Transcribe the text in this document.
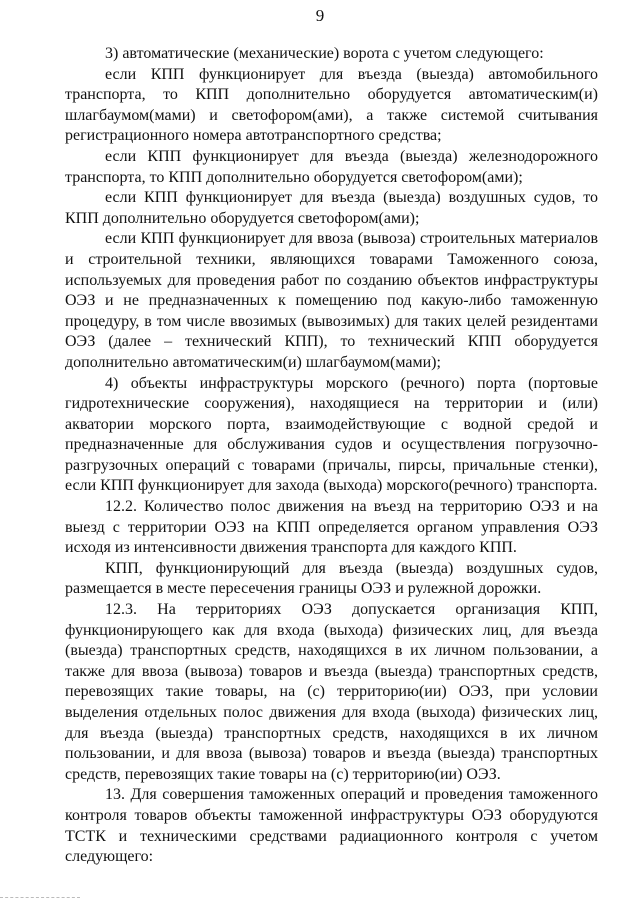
9

3) автоматические (механические) ворота с учетом следующего:

если КПП функционирует для въезда (выезда) автомобильного транспорта, то КПП дополнительно оборудуется автоматическим(и) шлагбаумом(мами) и светофором(ами), а также системой считывания регистрационного номера автотранспортного средства;

если КПП функционирует для въезда (выезда) железнодорожного транспорта, то КПП дополнительно оборудуется светофором(ами);

если КПП функционирует для въезда (выезда) воздушных судов, то КПП дополнительно оборудуется светофором(ами);

если КПП функционирует для ввоза (вывоза) строительных материалов и строительной техники, являющихся товарами Таможенного союза, используемых для проведения работ по созданию объектов инфраструктуры ОЭЗ и не предназначенных к помещению под какую-либо таможенную процедуру, в том числе ввозимых (вывозимых) для таких целей резидентами ОЭЗ (далее – технический КПП), то технический КПП оборудуется дополнительно автоматическим(и) шлагбаумом(мами);

4) объекты инфраструктуры морского (речного) порта (портовые гидротехнические сооружения), находящиеся на территории и (или) акватории морского порта, взаимодействующие с водной средой и предназначенные для обслуживания судов и осуществления погрузочно-разгрузочных операций с товарами (причалы, пирсы, причальные стенки), если КПП функционирует для захода (выхода) морского(речного) транспорта.

12.2. Количество полос движения на въезд на территорию ОЭЗ и на выезд с территории ОЭЗ на КПП определяется органом управления ОЭЗ исходя из интенсивности движения транспорта для каждого КПП.

КПП, функционирующий для въезда (выезда) воздушных судов, размещается в месте пересечения границы ОЭЗ и рулежной дорожки.

12.3. На территориях ОЭЗ допускается организация КПП, функционирующего как для входа (выхода) физических лиц, для въезда (выезда) транспортных средств, находящихся в их личном пользовании, а также для ввоза (вывоза) товаров и въезда (выезда) транспортных средств, перевозящих такие товары, на (с) территорию(ии) ОЭЗ, при условии выделения отдельных полос движения для входа (выхода) физических лиц, для въезда (выезда) транспортных средств, находящихся в их личном пользовании, и для ввоза (вывоза) товаров и въезда (выезда) транспортных средств, перевозящих такие товары на (с) территорию(ии) ОЭЗ.

13. Для совершения таможенных операций и проведения таможенного контроля товаров объекты таможенной инфраструктуры ОЭЗ оборудуются ТСТК и техническими средствами радиационного контроля с учетом следующего:
